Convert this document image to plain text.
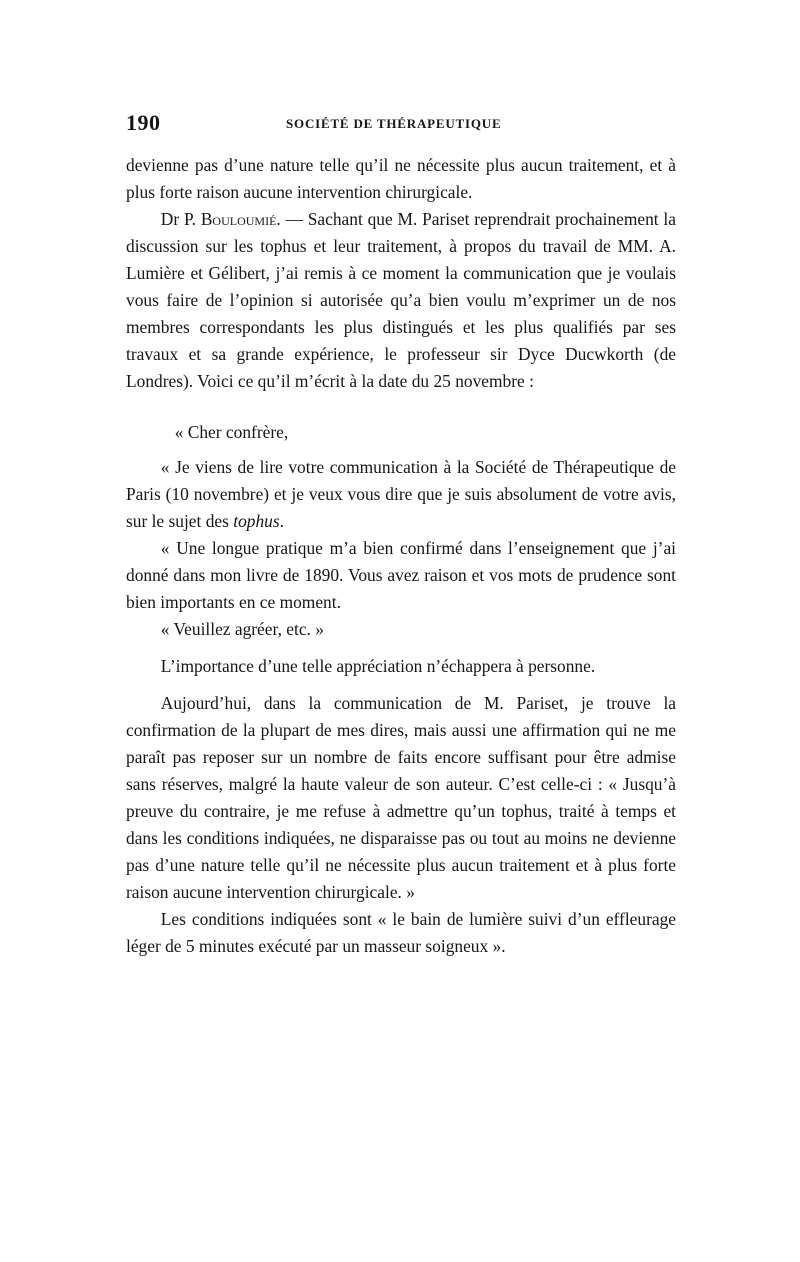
190	SOCIÉTÉ DE THÉRAPEUTIQUE

devienne pas d’une nature telle qu’il ne nécessite plus aucun traitement, et à plus forte raison aucune intervention chirurgicale.

Dr P. Bouloumié. — Sachant que M. Pariset reprendrait prochainement la discussion sur les tophus et leur traitement, à propos du travail de MM. A. Lumière et Gélibert, j’ai remis à ce moment la communication que je voulais vous faire de l’opinion si autorisée qu’a bien voulu m’exprimer un de nos membres correspondants les plus distingués et les plus qualifiés par ses travaux et sa grande expérience, le professeur sir Dyce Ducwkorth (de Londres). Voici ce qu’il m’écrit à la date du 25 novembre :

« Cher confrère,

« Je viens de lire votre communication à la Société de Thérapeutique de Paris (10 novembre) et je veux vous dire que je suis absolument de votre avis, sur le sujet des tophus.

« Une longue pratique m’a bien confirmé dans l’enseignement que j’ai donné dans mon livre de 1890. Vous avez raison et vos mots de prudence sont bien importants en ce moment.

« Veuillez agréer, etc. »

L’importance d’une telle appréciation n’échappera à personne.

Aujourd’hui, dans la communication de M. Pariset, je trouve la confirmation de la plupart de mes dires, mais aussi une affirmation qui ne me paraît pas reposer sur un nombre de faits encore suffisant pour être admise sans réserves, malgré la haute valeur de son auteur. C’est celle-ci : « Jusqu’à preuve du contraire, je me refuse à admettre qu’un tophus, traité à temps et dans les conditions indiquées, ne disparaisse pas ou tout au moins ne devienne pas d’une nature telle qu’il ne nécessite plus aucun traitement et à plus forte raison aucune intervention chirurgicale. »

Les conditions indiquées sont « le bain de lumière suivi d’un effleurage léger de 5 minutes exécuté par un masseur soigneux ».
